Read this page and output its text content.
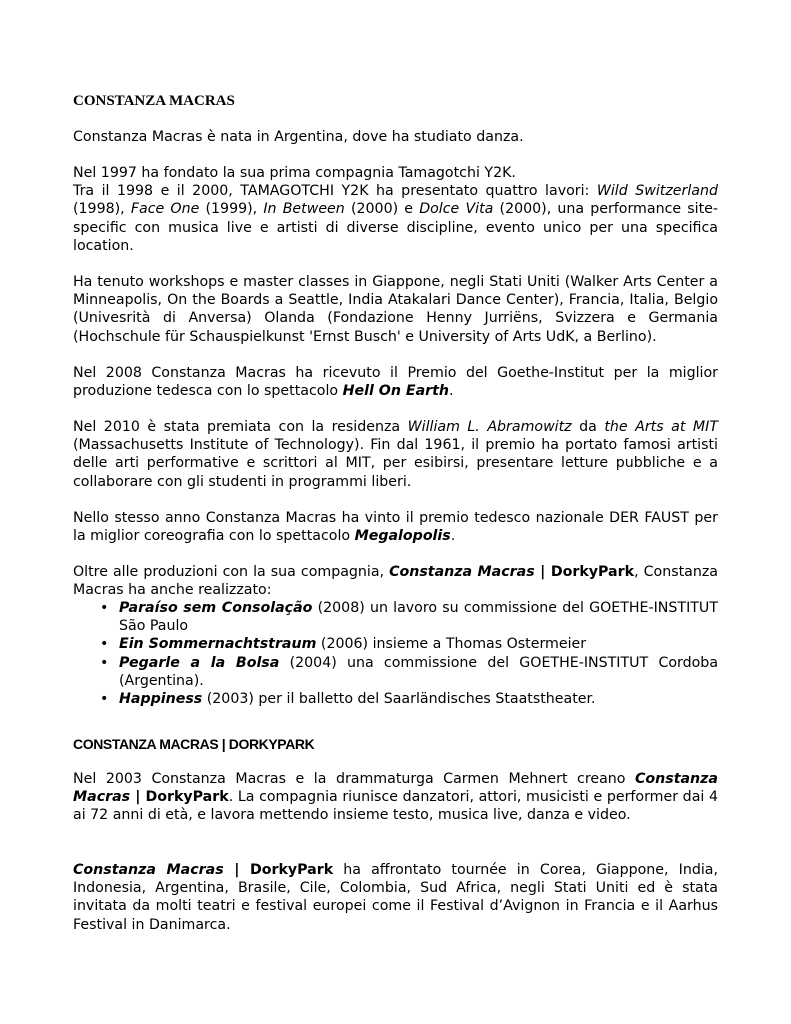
CONSTANZA MACRAS

Constanza Macras è nata in Argentina, dove ha studiato danza.

Nel 1997 ha fondato la sua prima compagnia Tamagotchi Y2K.
Tra il 1998 e il 2000, TAMAGOTCHI Y2K ha presentato quattro lavori: Wild Switzerland (1998), Face One (1999), In Between (2000) e Dolce Vita (2000), una performance site-specific con musica live e artisti di diverse discipline, evento unico per una specifica location.

Ha tenuto workshops e master classes in Giappone, negli Stati Uniti (Walker Arts Center a Minneapolis, On the Boards a Seattle, India Atakalari Dance Center), Francia, Italia, Belgio (Univesrità di Anversa) Olanda (Fondazione Henny Jurriëns, Svizzera e Germania (Hochschule für Schauspielkunst 'Ernst Busch' e University of Arts UdK, a Berlino).

Nel 2008 Constanza Macras ha ricevuto il Premio del Goethe-Institut per la miglior produzione tedesca con lo spettacolo Hell On Earth.

Nel 2010 è stata premiata con la residenza William L. Abramowitz da the Arts at MIT (Massachusetts Institute of Technology). Fin dal 1961, il premio ha portato famosi artisti delle arti performative e scrittori al MIT, per esibirsi, presentare letture pubbliche e a collaborare con gli studenti in programmi liberi.

Nello stesso anno Constanza Macras ha vinto il premio tedesco nazionale DER FAUST per la miglior coreografia con lo spettacolo Megalopolis.

Oltre alle produzioni con la sua compagnia, Constanza Macras | DorkyPark, Constanza Macras ha anche realizzato:

• Paraíso sem Consolação (2008) un lavoro su commissione del GOETHE-INSTITUT São Paulo
• Ein Sommernachtstraum (2006) insieme a Thomas Ostermeier
• Pegarle a la Bolsa (2004) una commissione del GOETHE-INSTITUT Cordoba (Argentina).
• Happiness (2003) per il balletto del Saarländisches Staatstheater.
CONSTANZA MACRAS | DORKYPARK

Nel 2003 Constanza Macras e la drammaturga Carmen Mehnert creano Constanza Macras | DorkyPark. La compagnia riunisce danzatori, attori, musicisti e performer dai 4 ai 72 anni di età, e lavora mettendo insieme testo, musica live, danza e video.

Constanza Macras | DorkyPark ha affrontato tournée in Corea, Giappone, India, Indonesia, Argentina, Brasile, Cile, Colombia, Sud Africa, negli Stati Uniti ed è stata invitata da molti teatri e festival europei come il Festival d’Avignon in Francia e il Aarhus Festival in Danimarca.
